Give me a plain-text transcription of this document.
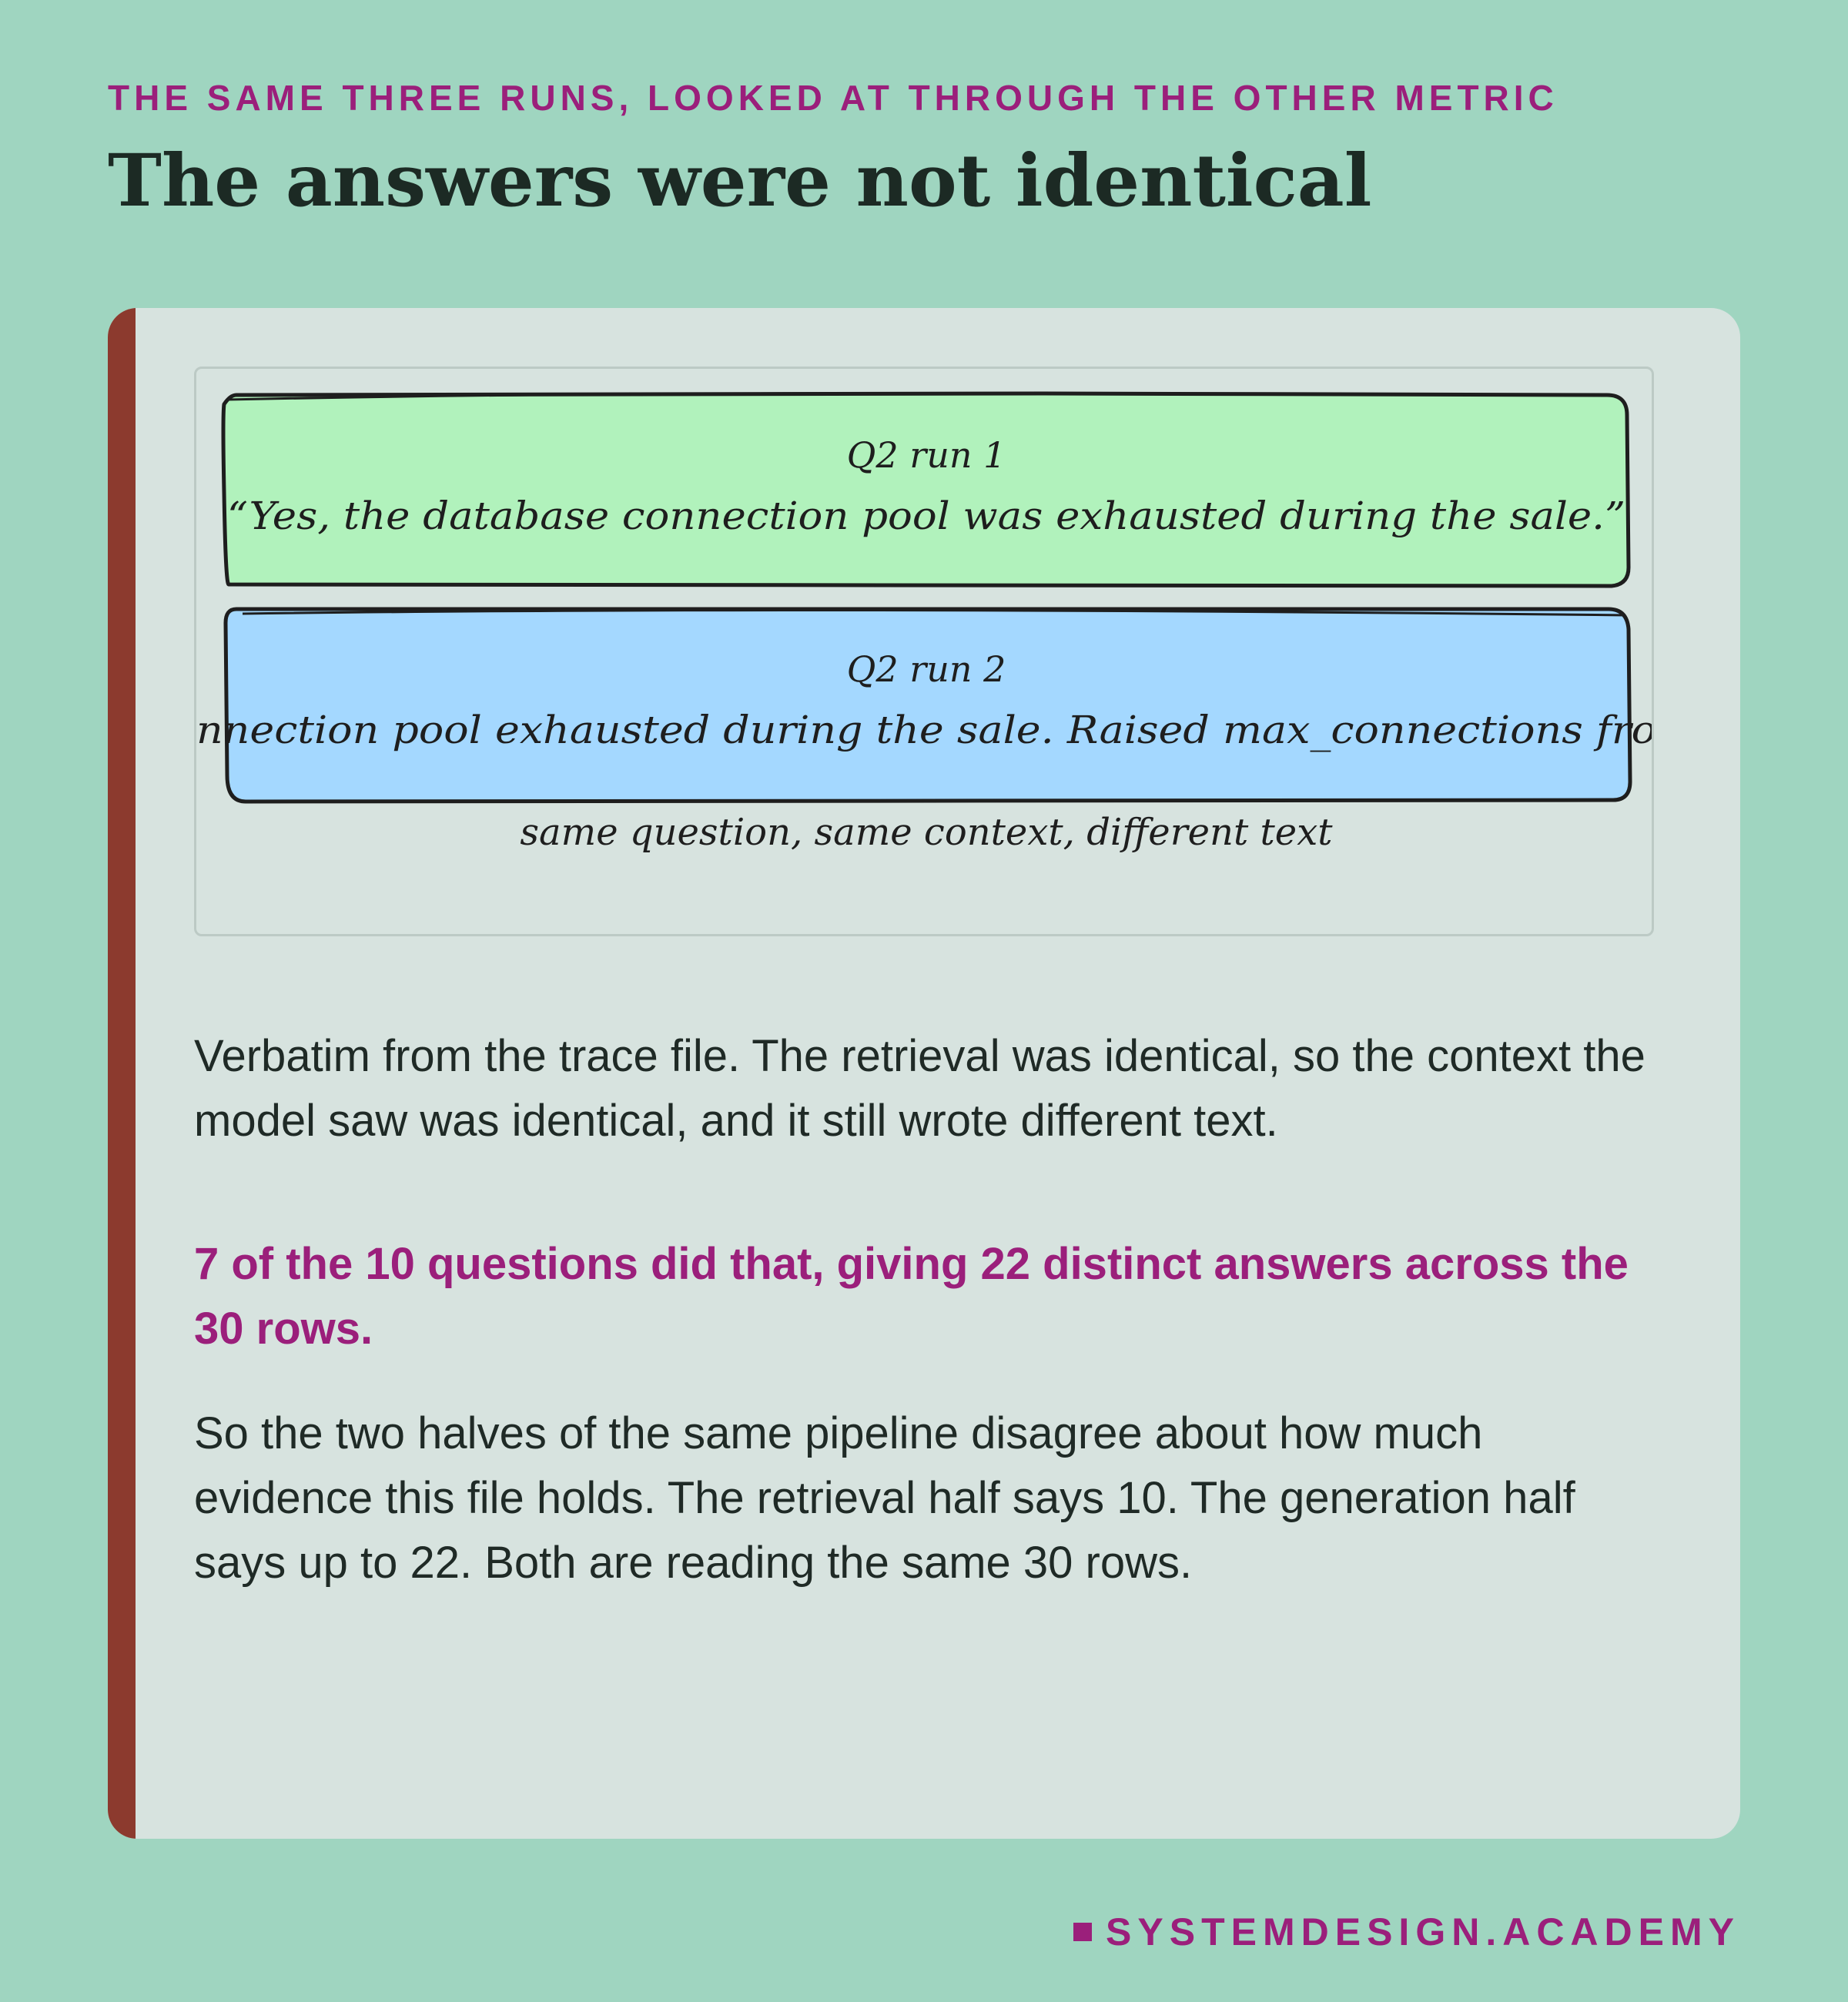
THE SAME THREE RUNS, LOOKED AT THROUGH THE OTHER METRIC
The answers were not identical
Q2 run 1
“Yes, the database connection pool was exhausted during the sale.”
Q2 run 2
nnection pool exhausted during the sale. Raised max_connections fro
same question, same context, different text

Verbatim from the trace file. The retrieval was identical, so the context the model saw was identical, and it still wrote different text.

7 of the 10 questions did that, giving 22 distinct answers across the 30 rows.

So the two halves of the same pipeline disagree about how much evidence this file holds. The retrieval half says 10. The generation half says up to 22. Both are reading the same 30 rows.

SYSTEMDESIGN.ACADEMY
